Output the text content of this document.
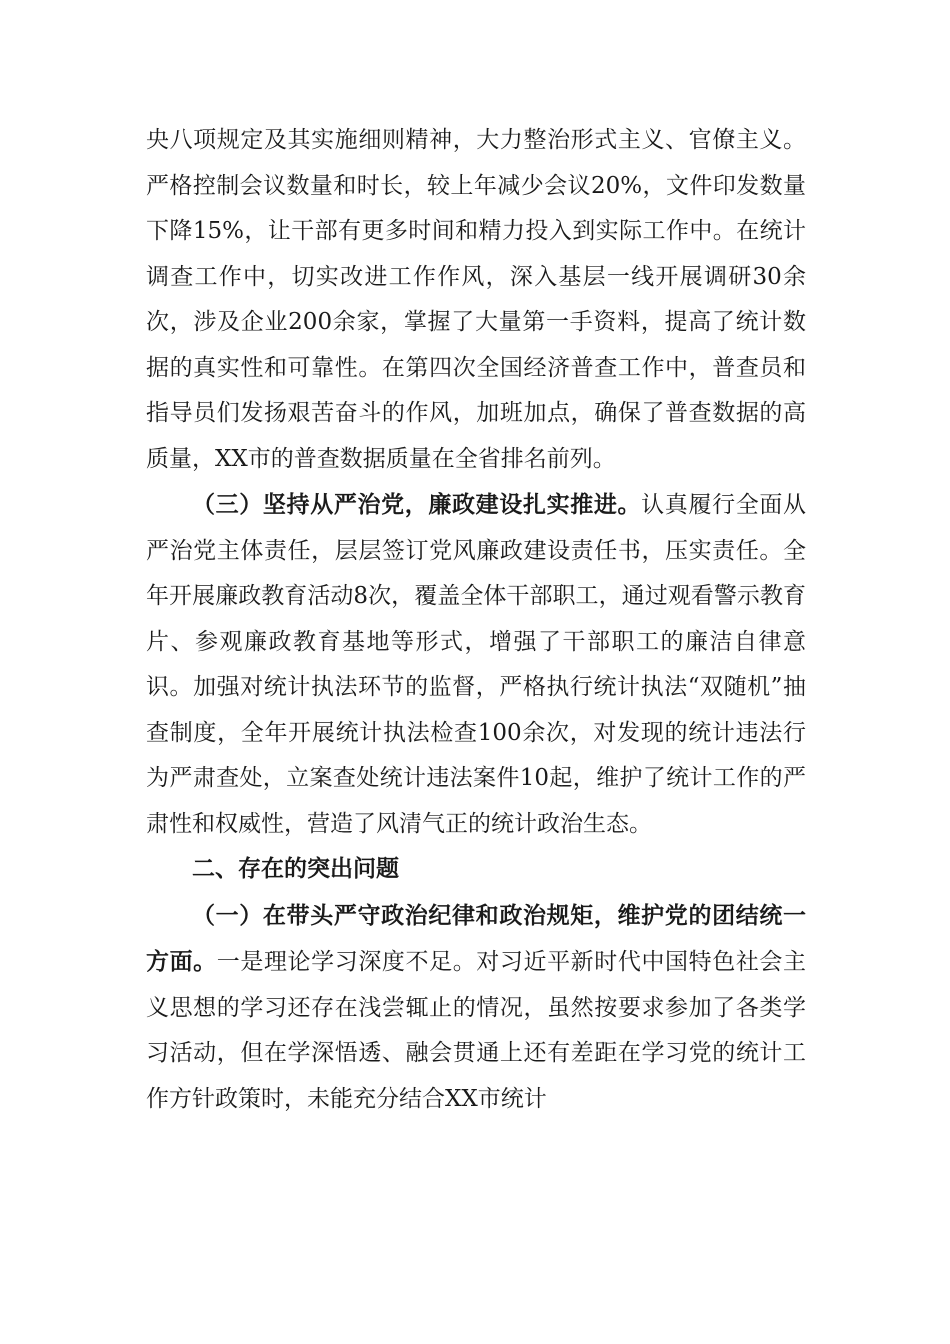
央八项规定及其实施细则精神，大力整治形式主义、官僚主义。严格控制会议数量和时长，较上年减少会议20%，文件印发数量下降15%，让干部有更多时间和精力投入到实际工作中。在统计调查工作中，切实改进工作作风，深入基层一线开展调研30余次，涉及企业200余家，掌握了大量第一手资料，提高了统计数据的真实性和可靠性。在第四次全国经济普查工作中，普查员和指导员们发扬艰苦奋斗的作风，加班加点，确保了普查数据的高质量，XX市的普查数据质量在全省排名前列。

（三）坚持从严治党，廉政建设扎实推进。认真履行全面从严治党主体责任，层层签订党风廉政建设责任书，压实责任。全年开展廉政教育活动8次，覆盖全体干部职工，通过观看警示教育片、参观廉政教育基地等形式，增强了干部职工的廉洁自律意识。加强对统计执法环节的监督，严格执行统计执法“双随机”抽查制度，全年开展统计执法检查100余次，对发现的统计违法行为严肃查处，立案查处统计违法案件10起，维护了统计工作的严肃性和权威性，营造了风清气正的统计政治生态。

二、存在的突出问题

（一）在带头严守政治纪律和政治规矩，维护党的团结统一方面。一是理论学习深度不足。对习近平新时代中国特色社会主义思想的学习还存在浅尝辄止的情况，虽然按要求参加了各类学习活动，但在学深悟透、融会贯通上还有差距在学习党的统计工作方针政策时，未能充分结合XX市统计
